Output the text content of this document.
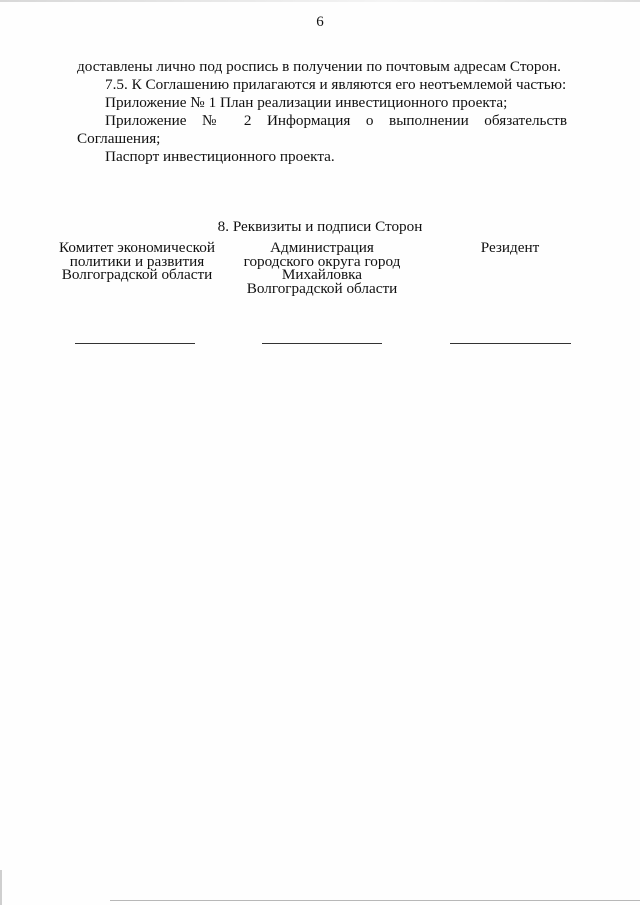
6

доставлены лично под роспись в получении по почтовым адресам Сторон.

7.5. К Соглашению прилагаются и являются его неотъемлемой частью:

Приложение № 1 План реализации инвестиционного проекта;

Приложение № 2 Информация о выполнении обязательств Соглашения;

Паспорт инвестиционного проекта.

8. Реквизиты и подписи Сторон
Комитет экономической
политики и развития
Волгоградской области
Администрация
городского округа город
Михайловка
Волгоградской области
Резидент
